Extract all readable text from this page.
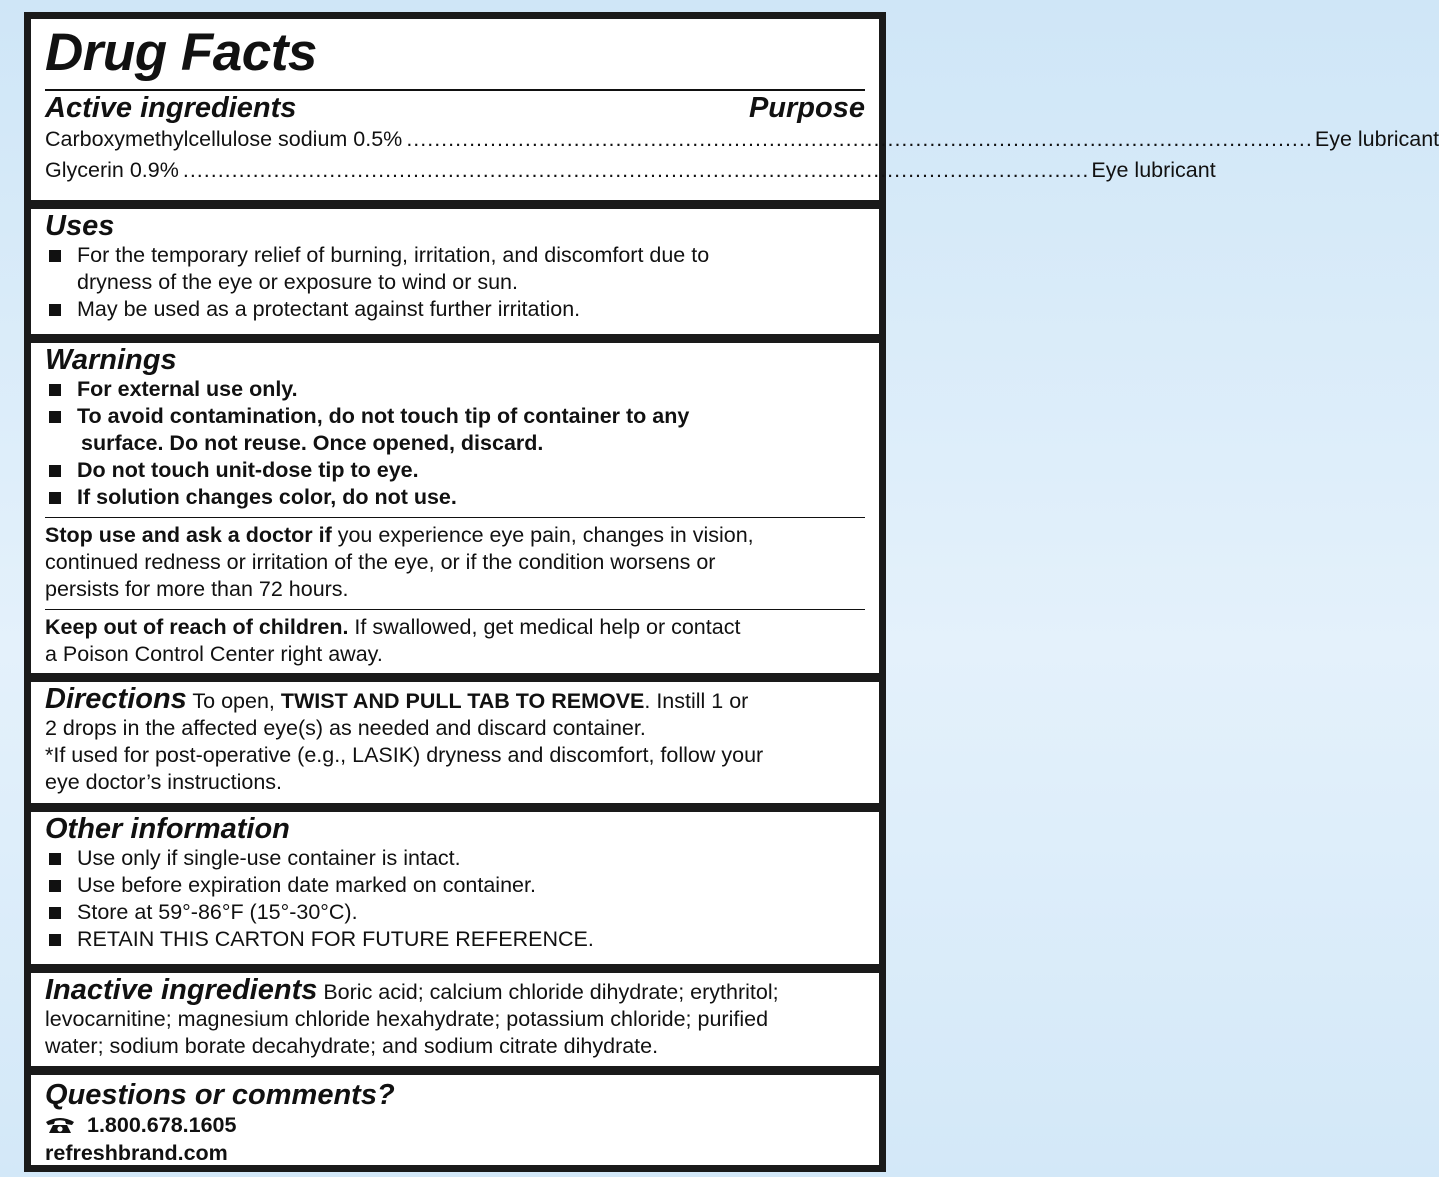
Drug Facts
Active ingredients	Purpose
Carboxymethylcellulose sodium 0.5% .................................................................................................................................. Eye lubricant
Glycerin 0.9% .................................................................................................................................. Eye lubricant
Uses
For the temporary relief of burning, irritation, and discomfort due to
dryness of the eye or exposure to wind or sun.
May be used as a protectant against further irritation.
Warnings
For external use only.
To avoid contamination, do not touch tip of container to any
surface. Do not reuse. Once opened, discard.
Do not touch unit-dose tip to eye.
If solution changes color, do not use.
Stop use and ask a doctor if you experience eye pain, changes in vision,
continued redness or irritation of the eye, or if the condition worsens or
persists for more than 72 hours.
Keep out of reach of children. If swallowed, get medical help or contact
a Poison Control Center right away.
Directions To open, TWIST AND PULL TAB TO REMOVE. Instill 1 or
2 drops in the affected eye(s) as needed and discard container.
*If used for post-operative (e.g., LASIK) dryness and discomfort, follow your
eye doctor’s instructions.
Other information
Use only if single-use container is intact.
Use before expiration date marked on container.
Store at 59°-86°F (15°-30°C).
RETAIN THIS CARTON FOR FUTURE REFERENCE.
Inactive ingredients Boric acid; calcium chloride dihydrate; erythritol;
levocarnitine; magnesium chloride hexahydrate; potassium chloride; purified
water; sodium borate decahydrate; and sodium citrate dihydrate.
Questions or comments?
1.800.678.1605
refreshbrand.com
